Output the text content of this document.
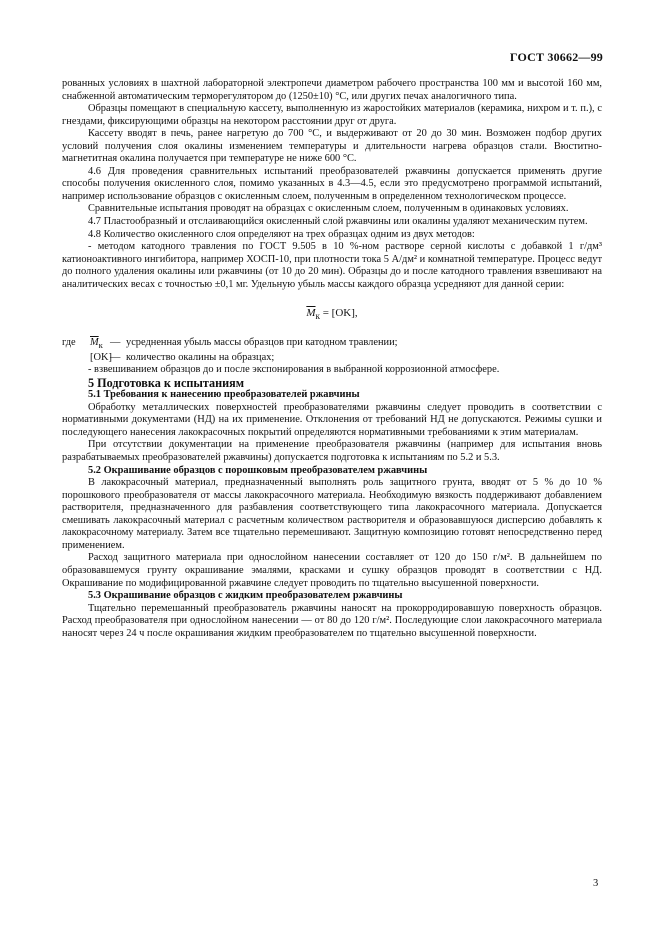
ГОСТ 30662—99

рованных условиях в шахтной лабораторной электропечи диаметром рабочего пространства 100 мм и высотой 160 мм, снабженной автоматическим терморегулятором до (1250±10) °С, или других печах аналогичного типа.

Образцы помещают в специальную кассету, выполненную из жаростойких материалов (керамика, нихром и т. п.), с гнездами, фиксирующими образцы на некотором расстоянии друг от друга.

Кассету вводят в печь, ранее нагретую до 700 °С, и выдерживают от 20 до 30 мин. Возможен подбор других условий получения слоя окалины изменением температуры и длительности нагрева образцов стали. Вюститно-магнетитная окалина получается при температуре не ниже 600 °С.

4.6 Для проведения сравнительных испытаний преобразователей ржавчины допускается применять другие способы получения окисленного слоя, помимо указанных в 4.3—4.5, если это предусмотрено программой испытаний, например использование образцов с окисленным слоем, полученным в определенном технологическом процессе.

Сравнительные испытания проводят на образцах с окисленным слоем, полученным в одинаковых условиях.

4.7 Пластообразный и отслаивающийся окисленный слой ржавчины или окалины удаляют механическим путем.

4.8 Количество окисленного слоя определяют на трех образцах одним из двух методов:

- методом катодного травления по ГОСТ 9.505 в 10 %-ном растворе серной кислоты с добавкой 1 г/дм³ катионоактивного ингибитора, например ХОСП-10, при плотности тока 5 А/дм² и комнатной температуре. Процесс ведут до полного удаления окалины или ржавчины (от 10 до 20 мин). Образцы до и после катодного травления взвешивают на аналитических весах с точностью ±0,1 мг. Удельную убыль массы каждого образца усредняют для данной серии:

$\overline{M}_к = [OK]$,
где	$\overline{M}_к$ — усредненная убыль массы образцов при катодном травлении;
[OK]
— количество окалины на образцах;

- взвешиванием образцов до и после экспонирования в выбранной коррозионной атмосфере.

5 Подготовка к испытаниям

5.1 Требования к нанесению преобразователей ржавчины

Обработку металлических поверхностей преобразователями ржавчины следует проводить в соответствии с нормативными документами (НД) на их применение. Отклонения от требований НД не допускаются. Режимы сушки и последующего нанесения лакокрасочных покрытий определяются нормативными требованиями к этим материалам.

При отсутствии документации на применение преобразователя ржавчины (например для испытания вновь разрабатываемых преобразователей ржавчины) допускается подготовка к испытаниям по 5.2 и 5.3.

5.2 Окрашивание образцов с порошковым преобразователем ржавчины

В лакокрасочный материал, предназначенный выполнять роль защитного грунта, вводят от 5 % до 10 % порошкового преобразователя от массы лакокрасочного материала. Необходимую вязкость поддерживают добавлением растворителя, предназначенного для разбавления соответствующего типа лакокрасочного материала. Допускается смешивать лакокрасочный материал с расчетным количеством растворителя и образовавшуюся дисперсию добавлять к лакокрасочному материалу. Затем все тщательно перемешивают. Защитную композицию готовят непосредственно перед применением.

Расход защитного материала при однослойном нанесении составляет от 120 до 150 г/м². В дальнейшем по образовавшемуся грунту окрашивание эмалями, красками и сушку образцов проводят в соответствии с НД. Окрашивание по модифицированной ржавчине следует проводить по тщательно высушенной поверхности.

5.3 Окрашивание образцов с жидким преобразователем ржавчины

Тщательно перемешанный преобразователь ржавчины наносят на прокорродировавшую поверхность образцов. Расход преобразователя при однослойном нанесении — от 80 до 120 г/м². Последующие слои лакокрасочного материала наносят через 24 ч после окрашивания жидким преобразователем по тщательно высушенной поверхности.

3
